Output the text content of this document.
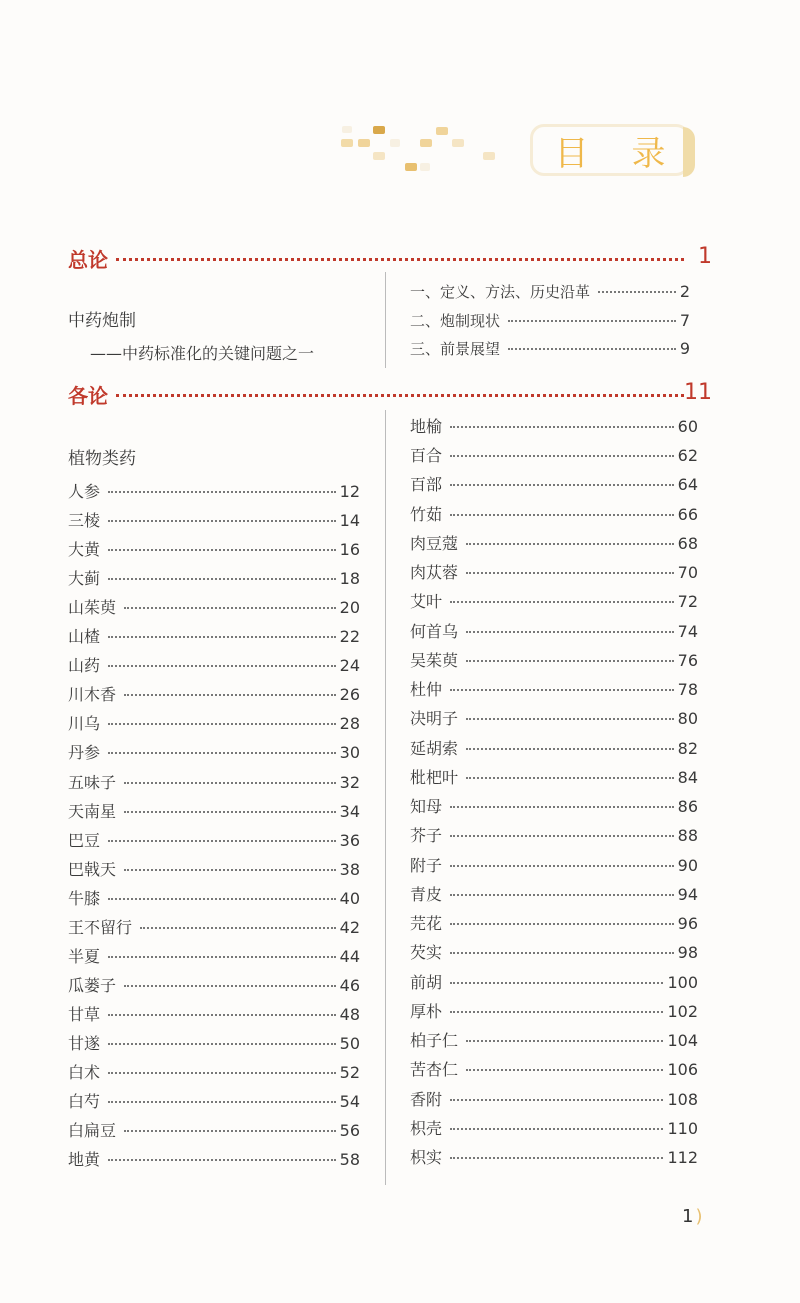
目 录
总论	1
中药炮制
——中药标准化的关键问题之一
一、定义、方法、历史沿革	2
二、炮制现状	7
三、前景展望	9
各论	11
植物类药
人参	12
三棱	14
大黄	16
大蓟	18
山茱萸	20
山楂	22
山药	24
川木香	26
川乌	28
丹参	30
五味子	32
天南星	34
巴豆	36
巴戟天	38
牛膝	40
王不留行	42
半夏	44
瓜蒌子	46
甘草	48
甘遂	50
白术	52
白芍	54
白扁豆	56
地黄	58
地榆	60
百合	62
百部	64
竹茹	66
肉豆蔻	68
肉苁蓉	70
艾叶	72
何首乌	74
吴茱萸	76
杜仲	78
决明子	80
延胡索	82
枇杷叶	84
知母	86
芥子	88
附子	90
青皮	94
芫花	96
芡实	98
前胡	100
厚朴	102
柏子仁	104
苦杏仁	106
香附	108
枳壳	110
枳实	112
1 )
